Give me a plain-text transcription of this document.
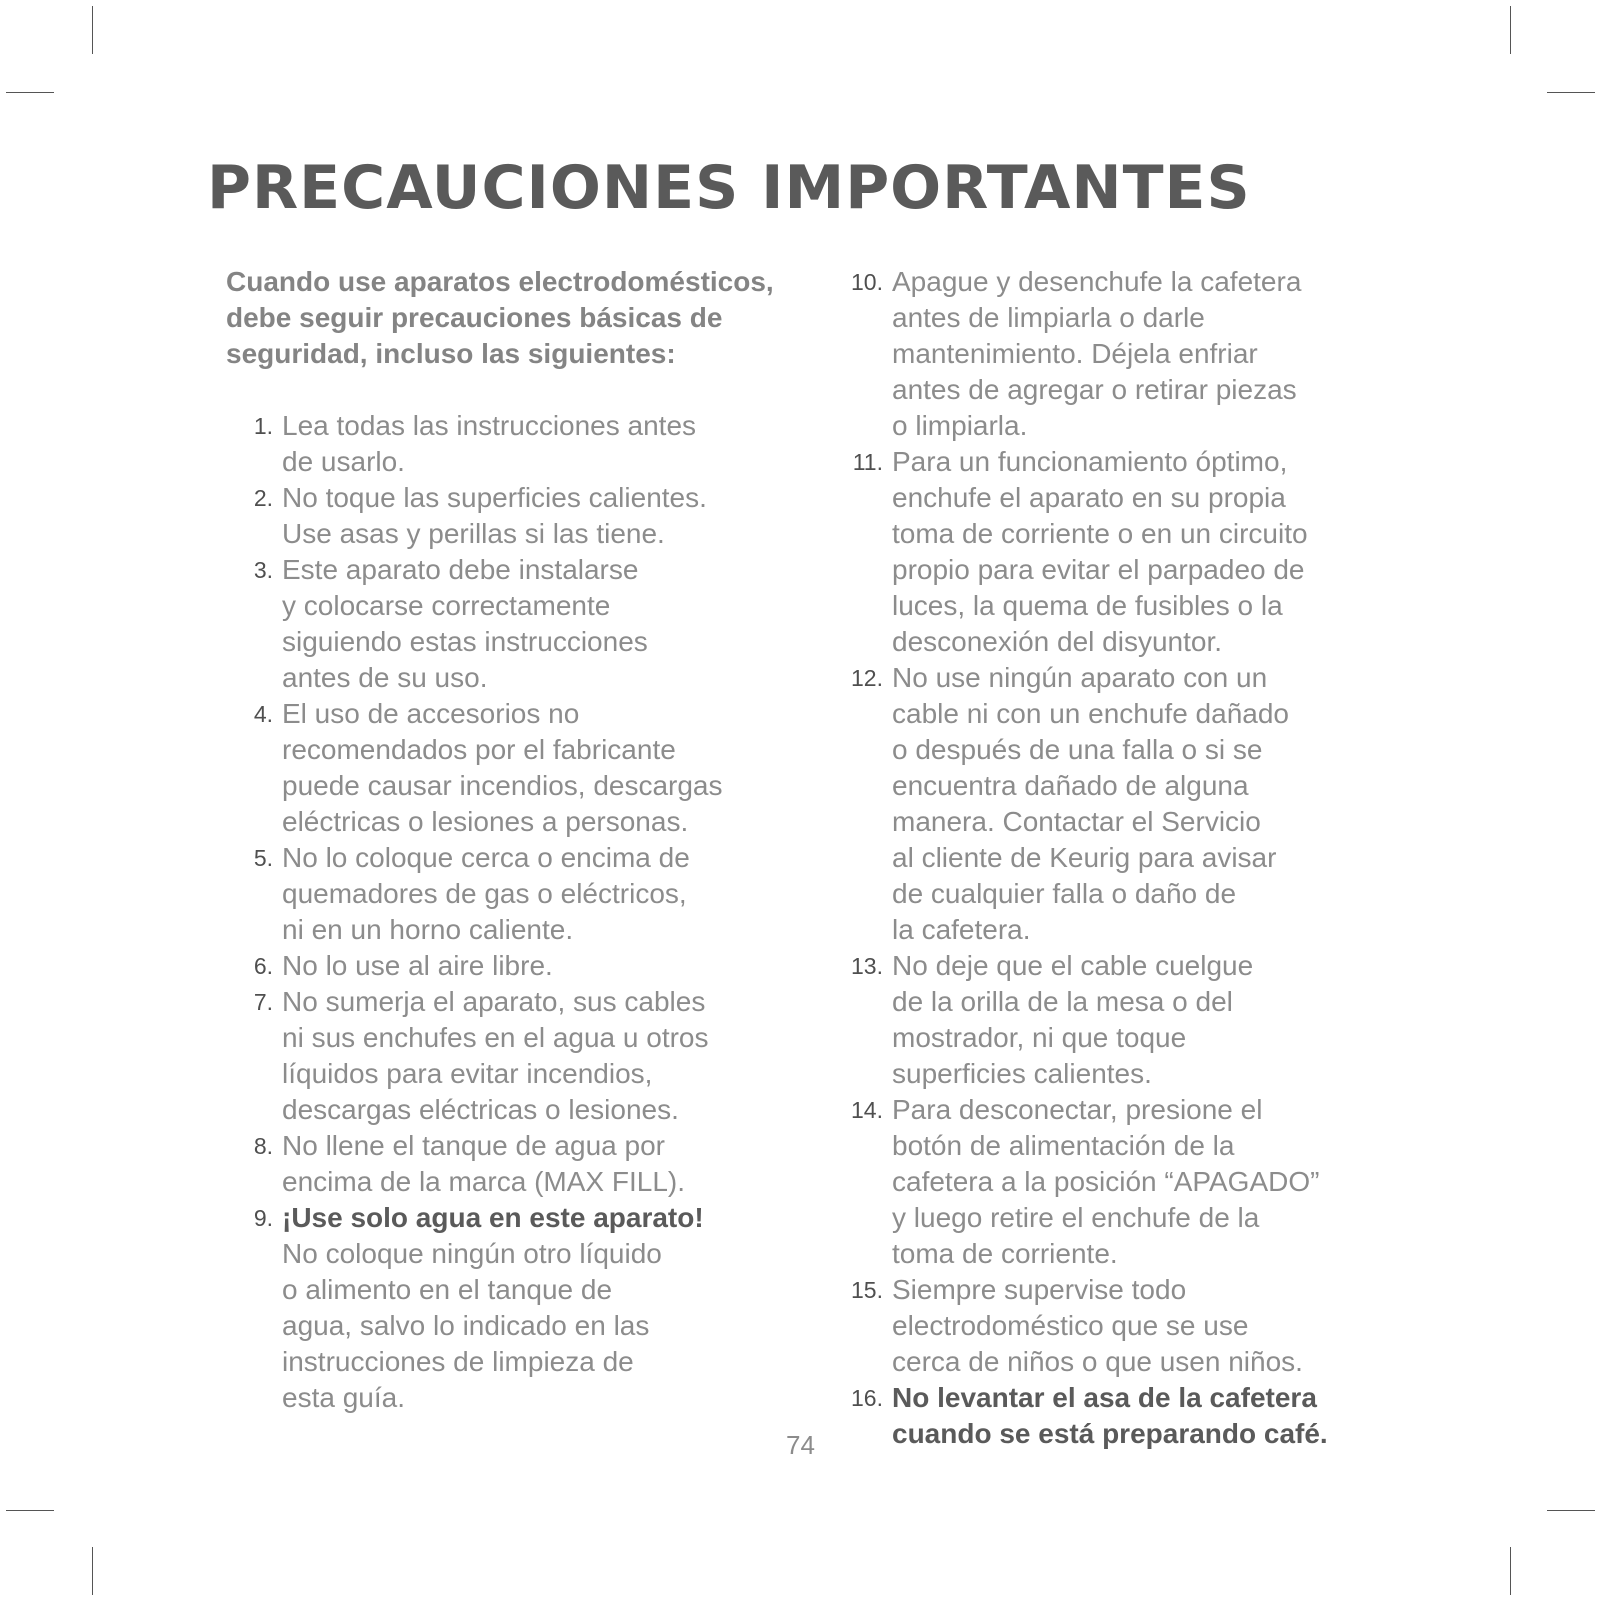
PRECAUCIONES IMPORTANTES

Cuando use aparatos electrodomésticos, debe seguir precauciones básicas de seguridad, incluso las siguientes:

1. Lea todas las instrucciones antes
de usarlo.
2. No toque las superficies calientes.
Use asas y perillas si las tiene.
3. Este aparato debe instalarse
y colocarse correctamente
siguiendo estas instrucciones
antes de su uso.
4. El uso de accesorios no
recomendados por el fabricante
puede causar incendios, descargas
eléctricas o lesiones a personas.
5. No lo coloque cerca o encima de
quemadores de gas o eléctricos,
ni en un horno caliente.
6. No lo use al aire libre.
7. No sumerja el aparato, sus cables
ni sus enchufes en el agua u otros
líquidos para evitar incendios,
descargas eléctricas o lesiones.
8. No llene el tanque de agua por
encima de la marca (MAX FILL).
9. ¡Use solo agua en este aparato!
No coloque ningún otro líquido
o alimento en el tanque de
agua, salvo lo indicado en las
instrucciones de limpieza de
esta guía.
10. Apague y desenchufe la cafetera
antes de limpiarla o darle
mantenimiento. Déjela enfriar
antes de agregar o retirar piezas
o limpiarla.
11. Para un funcionamiento óptimo,
enchufe el aparato en su propia
toma de corriente o en un circuito
propio para evitar el parpadeo de
luces, la quema de fusibles o la
desconexión del disyuntor.
12. No use ningún aparato con un
cable ni con un enchufe dañado
o después de una falla o si se
encuentra dañado de alguna
manera. Contactar el Servicio
al cliente de Keurig para avisar
de cualquier falla o daño de
la cafetera.
13. No deje que el cable cuelgue
de la orilla de la mesa o del
mostrador, ni que toque
superficies calientes.
14. Para desconectar, presione el
botón de alimentación de la
cafetera a la posición “APAGADO”
y luego retire el enchufe de la
toma de corriente.
15. Siempre supervise todo
electrodoméstico que se use
cerca de niños o que usen niños.
16. No levantar el asa de la cafetera
cuando se está preparando café.
74
